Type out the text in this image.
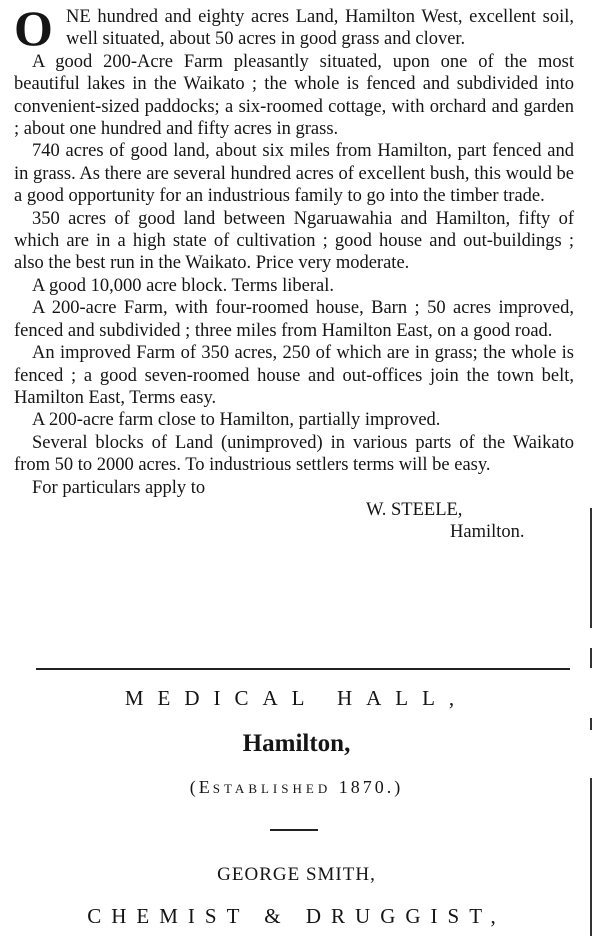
O NE hundred and eighty acres Land, Hamilton West, excellent soil, well situated, about 50 acres in good grass and clover.

A good 200-Acre Farm pleasantly situated, upon one of the most beautiful lakes in the Waikato ; the whole is fenced and subdivided into convenient-sized paddocks; a six-roomed cottage, with orchard and garden ; about one hundred and fifty acres in grass.

740 acres of good land, about six miles from Hamilton, part fenced and in grass. As there are several hundred acres of excellent bush, this would be a good opportunity for an industrious family to go into the timber trade.

350 acres of good land between Ngaruawahia and Hamilton, fifty of which are in a high state of cultivation ; good house and out-buildings ; also the best run in the Waikato. Price very moderate.

A good 10,000 acre block. Terms liberal.

A 200-acre Farm, with four-roomed house, Barn ; 50 acres improved, fenced and subdivided ; three miles from Hamilton East, on a good road.

An improved Farm of 350 acres, 250 of which are in grass; the whole is fenced ; a good seven-roomed house and out-offices join the town belt, Hamilton East, Terms easy.

A 200-acre farm close to Hamilton, partially improved.

Several blocks of Land (unimproved) in various parts of the Waikato from 50 to 2000 acres. To industrious settlers terms will be easy.

For particulars apply to

W. STEELE,
Hamilton.
MEDICAL HALL,
Hamilton,
(ESTABLISHED 1870.)
GEORGE SMITH,
CHEMIST & DRUGGIST,
